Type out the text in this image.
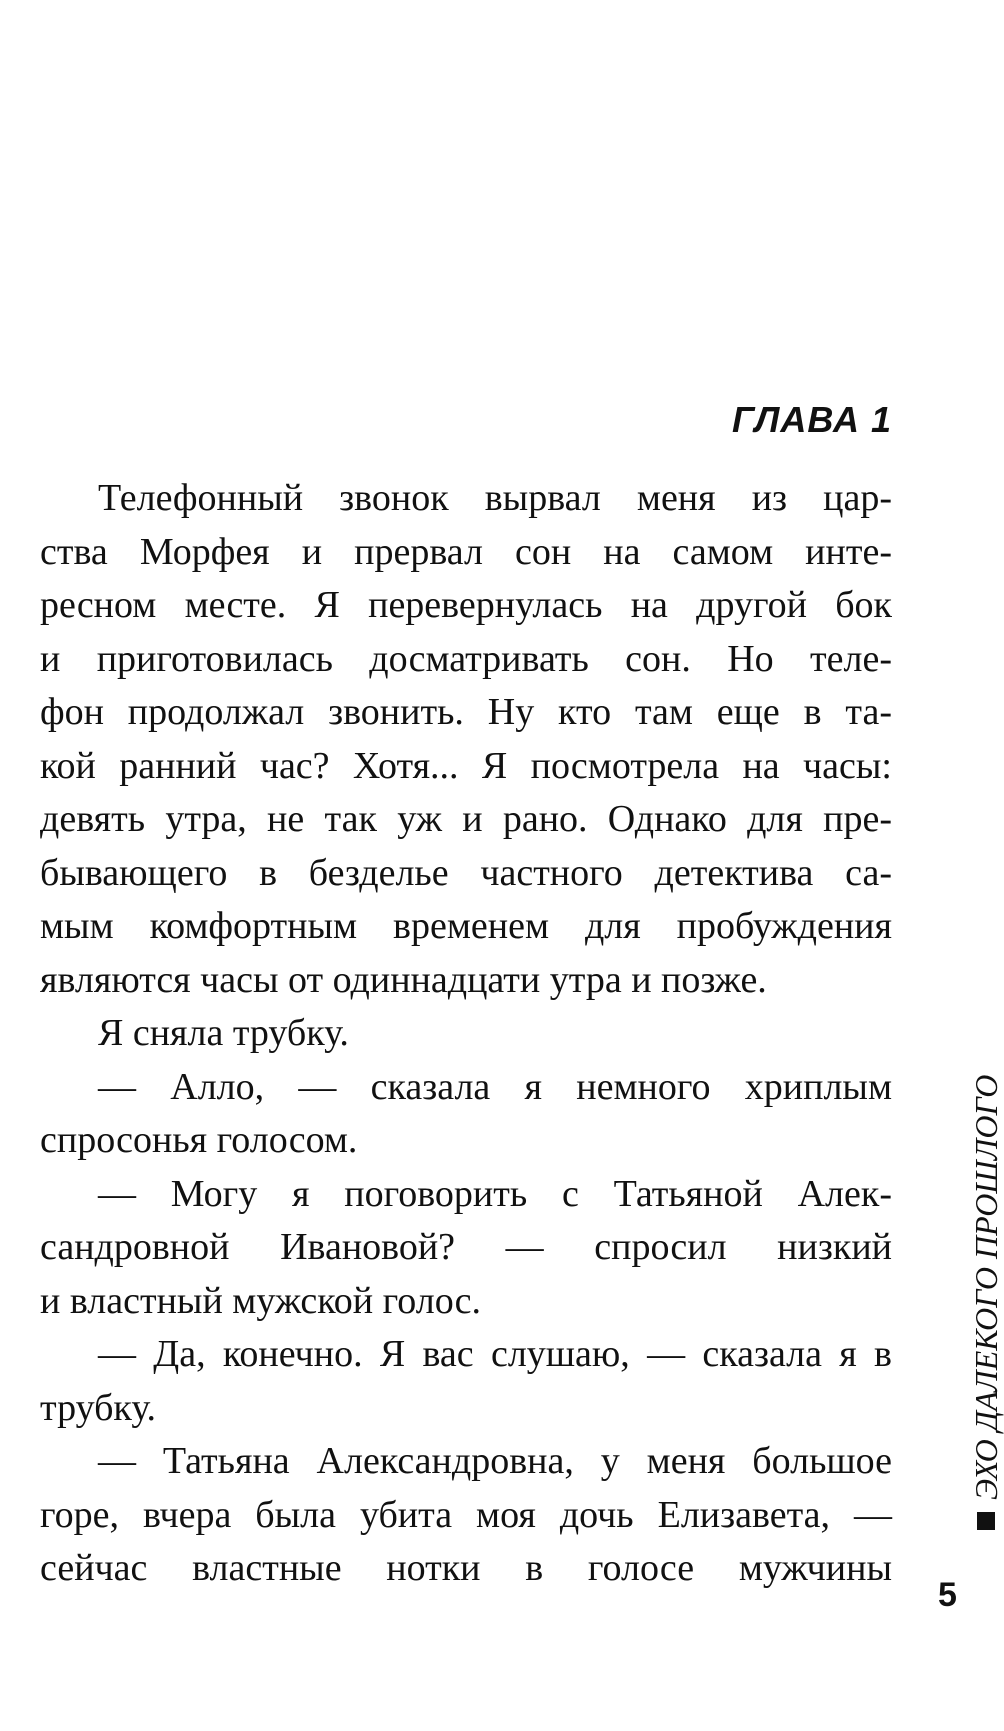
ГЛАВА 1
Телефонный звонок вырвал меня из цар-
ства Морфея и прервал сон на самом инте-
ресном месте. Я перевернулась на другой бок
и приготовилась досматривать сон. Но теле-
фон продолжал звонить. Ну кто там еще в та-
кой ранний час? Хотя... Я посмотрела на часы:
девять утра, не так уж и рано. Однако для пре-
бывающего в безделье частного детектива са-
мым комфортным временем для пробуждения
являются часы от одиннадцати утра и позже.
Я сняла трубку.
— Алло, — сказала я немного хриплым
спросонья голосом.
— Могу я поговорить с Татьяной Алек-
сандровной Ивановой? — спросил низкий
и властный мужской голос.
— Да, конечно. Я вас слушаю, — сказала я в
трубку.
— Татьяна Александровна, у меня большое
горе, вчера была убита моя дочь Елизавета, —
сейчас властные нотки в голосе мужчины
ЭХО ДАЛЕКОГО ПРОШЛОГО
5
